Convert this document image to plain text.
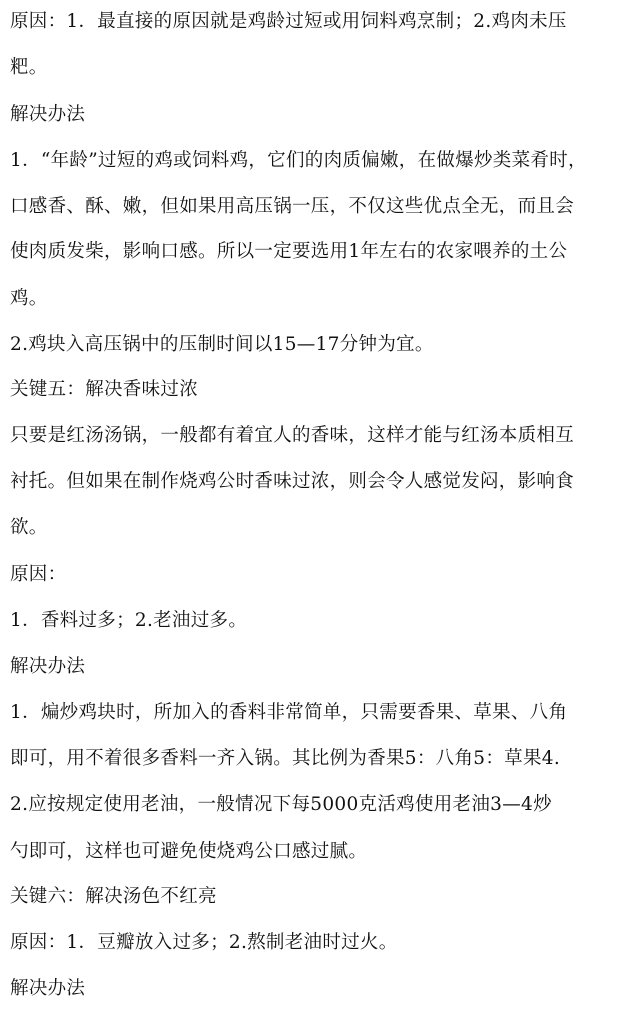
原因：1．最直接的原因就是鸡龄过短或用饲料鸡烹制；2.鸡肉未压
粑。
解决办法
1．“年龄”过短的鸡或饲料鸡，它们的肉质偏嫩，在做爆炒类菜肴时，
口感香、酥、嫩，但如果用高压锅一压，不仅这些优点全无，而且会
使肉质发柴，影响口感。所以一定要选用1年左右的农家喂养的土公
鸡。
2.鸡块入高压锅中的压制时间以15—17分钟为宜。
关键五：解决香味过浓
只要是红汤汤锅，一般都有着宜人的香味，这样才能与红汤本质相互
衬托。但如果在制作烧鸡公时香味过浓，则会令人感觉发闷，影响食
欲。
原因：
1．香料过多；2.老油过多。
解决办法
1．煸炒鸡块时，所加入的香料非常简单，只需要香果、草果、八角
即可，用不着很多香料一齐入锅。其比例为香果5：八角5：草果4.
2.应按规定使用老油，一般情况下每5000克活鸡使用老油3—4炒
勺即可，这样也可避免使烧鸡公口感过腻。
关键六：解决汤色不红亮
原因：1．豆瓣放入过多；2.熬制老油时过火。
解决办法
